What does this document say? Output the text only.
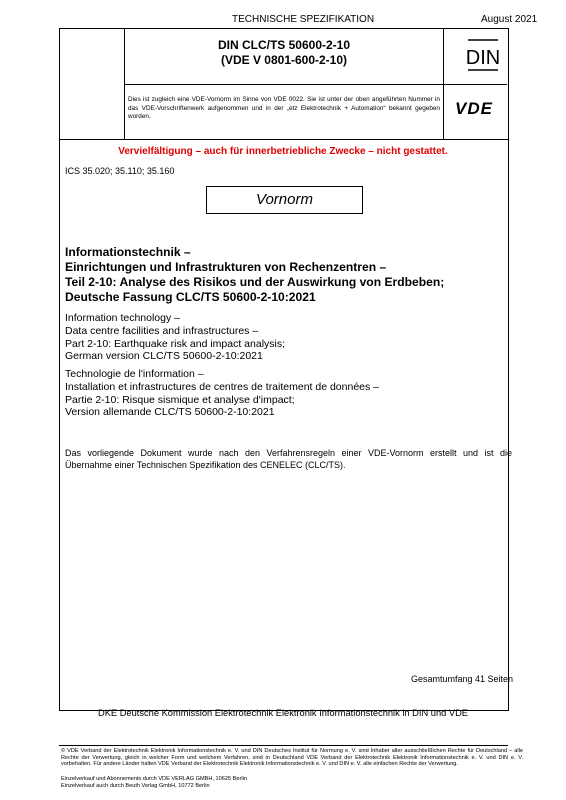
TECHNISCHE SPEZIFIKATION	August 2021
DIN CLC/TS 50600-2-10
(VDE V 0801-600-2-10)	DIN
Dies ist zugleich eine VDE-Vornorm im Sinne von VDE 0022. Sie ist unter der oben angeführten Nummer in das VDE-Vorschriftenwerk aufgenommen und in der „etz Elektrotechnik + Automation“ bekannt gegeben worden.	VDE
Vervielfältigung – auch für innerbetriebliche Zwecke – nicht gestattet.
ICS 35.020; 35.110; 35.160
Vornorm
Informationstechnik –
Einrichtungen und Infrastrukturen von Rechenzentren –
Teil 2-10: Analyse des Risikos und der Auswirkung von Erdbeben;
Deutsche Fassung CLC/TS 50600-2-10:2021
Information technology –
Data centre facilities and infrastructures –
Part 2-10: Earthquake risk and impact analysis;
German version CLC/TS 50600-2-10:2021
Technologie de l'information –
Installation et infrastructures de centres de traitement de données –
Partie 2-10: Risque sismique et analyse d'impact;
Version allemande CLC/TS 50600-2-10:2021
Das vorliegende Dokument wurde nach den Verfahrensregeln einer VDE-Vornorm erstellt und ist die Übernahme einer Technischen Spezifikation des CENELEC (CLC/TS).
Gesamtumfang 41 Seiten
DKE Deutsche Kommission Elektrotechnik Elektronik Informationstechnik in DIN und VDE
© VDE Verband der Elektrotechnik Elektronik Informationstechnik e. V. und DIN Deutsches Institut für Normung e. V. sind Inhaber aller ausschließlichen Rechte für Deutschland – alle Rechte der Verwertung, gleich in welcher Form und welchem Verfahren, sind in Deutschland VDE Verband der Elektrotechnik Elektronik Informationstechnik e. V. und DIN e. V. vorbehalten. Für andere Länder halten VDE Verband der Elektrotechnik Elektronik Informationstechnik e. V. und DIN e. V. alle einfachen Rechte der Verwertung.
Einzelverkauf und Abonnements durch VDE VERLAG GMBH, 10625 Berlin
Einzelverkauf auch durch Beuth Verlag GmbH, 10772 Berlin
